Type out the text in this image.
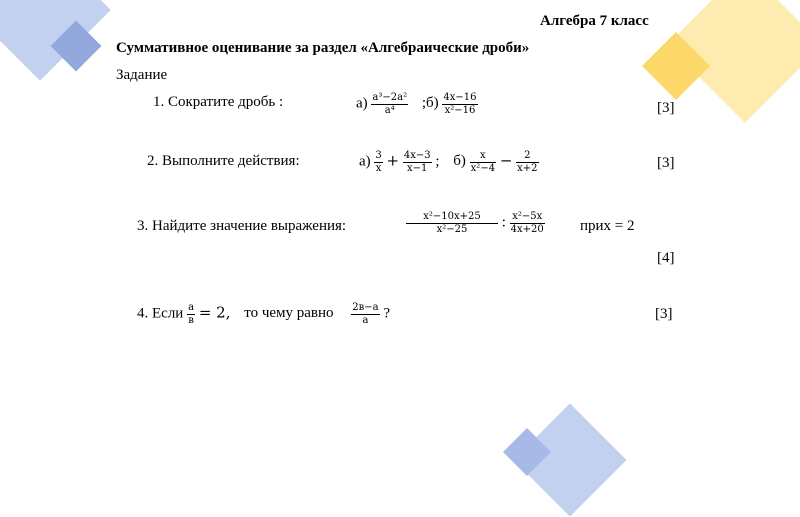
Алгебра 7 класс
Суммативное оценивание за раздел «Алгебраические дроби»
Задание
1. Сократите дробь :	$а) \frac{\text{a³−2a²}}{\text{a⁴}}$ ;б) $\frac{4x-16}{\text{x²−16}}$	[3]
2. Выполните действия:	$а) \frac{3}{x} + \frac{4x-3}{x-1}$ ; $б) \frac{x}{\text{x²−4}} - \frac{2}{x+2}$	[3]
3. Найдите значение выражения:	$\frac{\text{x²−10x+25}}{\text{x²−25}}$ : $\frac{\text{x²−5x}}{4x+20}$ прих = 2
[4]
4. Если $\frac{a}{в} = 2$, то чему равно $\frac{2в-a}{a}$ ?	[3]
